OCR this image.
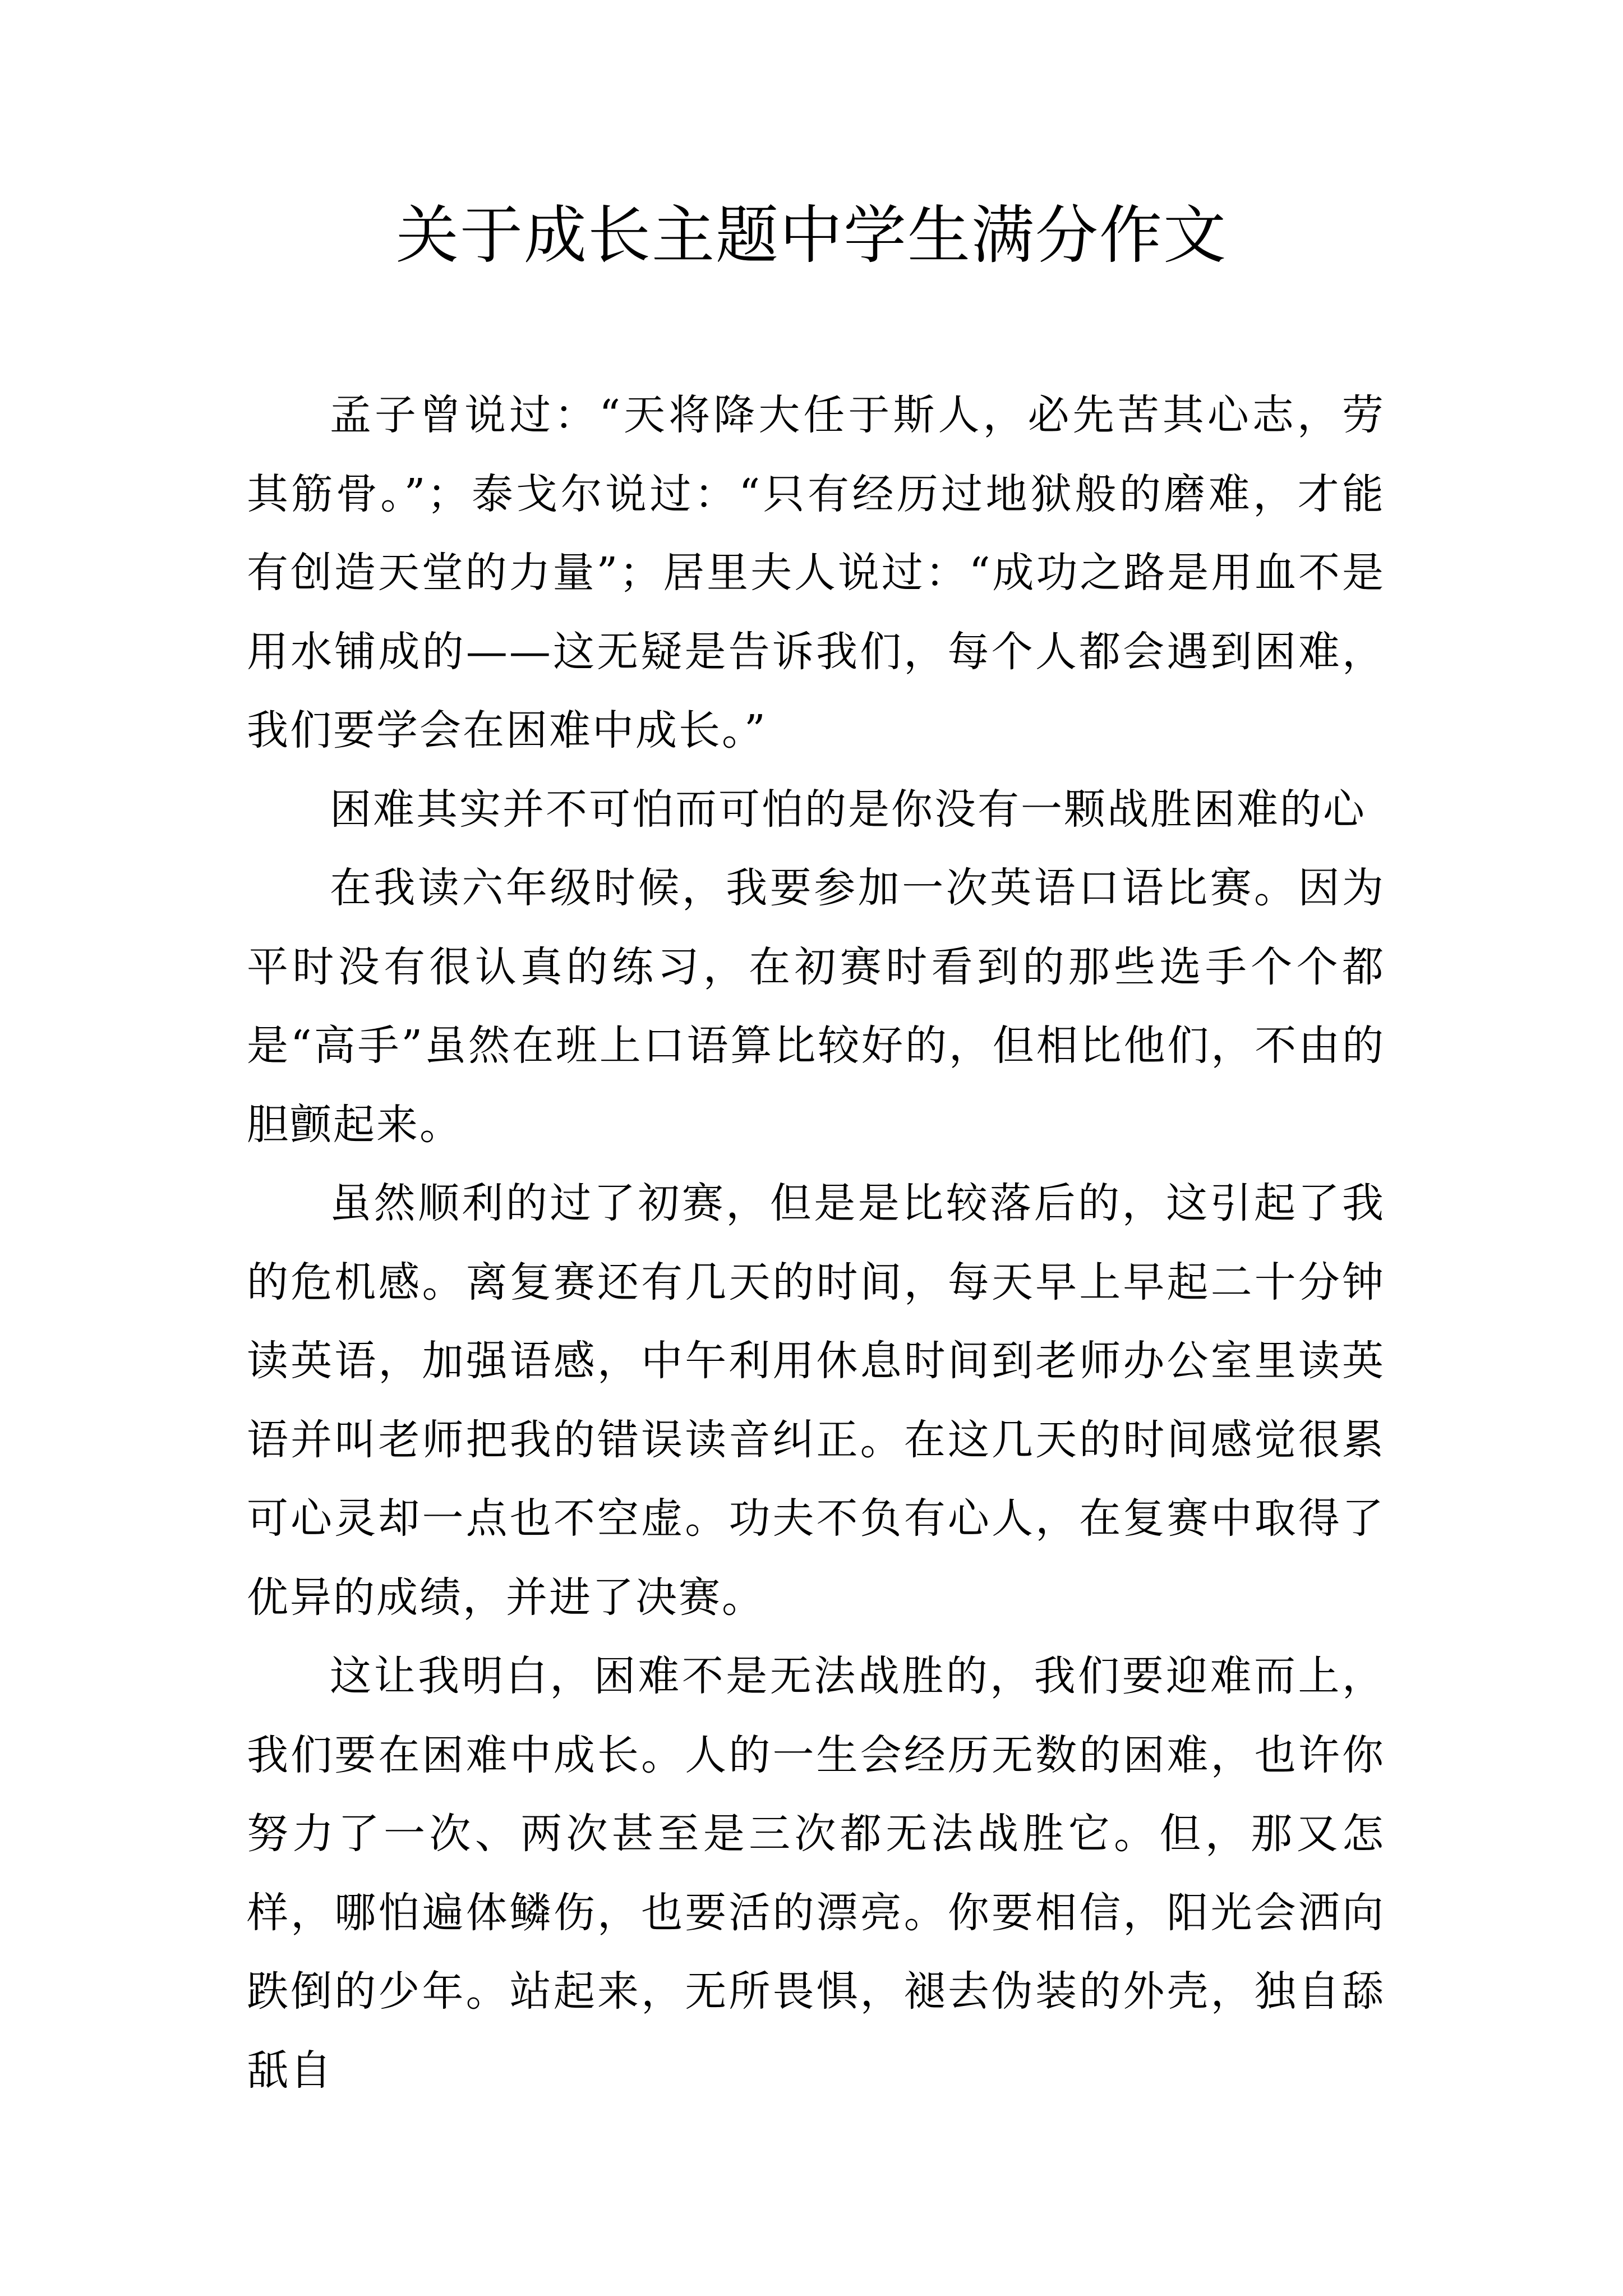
关于成长主题中学生满分作文

孟子曾说过：“天将降大任于斯人，必先苦其心志，劳其筋骨。”；泰戈尔说过：“只有经历过地狱般的磨难，才能有创造天堂的力量”；居里夫人说过：“成功之路是用血不是用水铺成的——这无疑是告诉我们，每个人都会遇到困难，我们要学会在困难中成长。”

困难其实并不可怕而可怕的是你没有一颗战胜困难的心

在我读六年级时候，我要参加一次英语口语比赛。因为平时没有很认真的练习，在初赛时看到的那些选手个个都是“高手”虽然在班上口语算比较好的，但相比他们，不由的胆颤起来。

虽然顺利的过了初赛，但是是比较落后的，这引起了我的危机感。离复赛还有几天的时间，每天早上早起二十分钟读英语，加强语感，中午利用休息时间到老师办公室里读英语并叫老师把我的错误读音纠正。在这几天的时间感觉很累可心灵却一点也不空虚。功夫不负有心人，在复赛中取得了优异的成绩，并进了决赛。

这让我明白，困难不是无法战胜的，我们要迎难而上，我们要在困难中成长。人的一生会经历无数的困难，也许你努力了一次、两次甚至是三次都无法战胜它。但，那又怎样，哪怕遍体鳞伤，也要活的漂亮。你要相信，阳光会洒向跌倒的少年。站起来，无所畏惧，褪去伪装的外壳，独自舔舐自
